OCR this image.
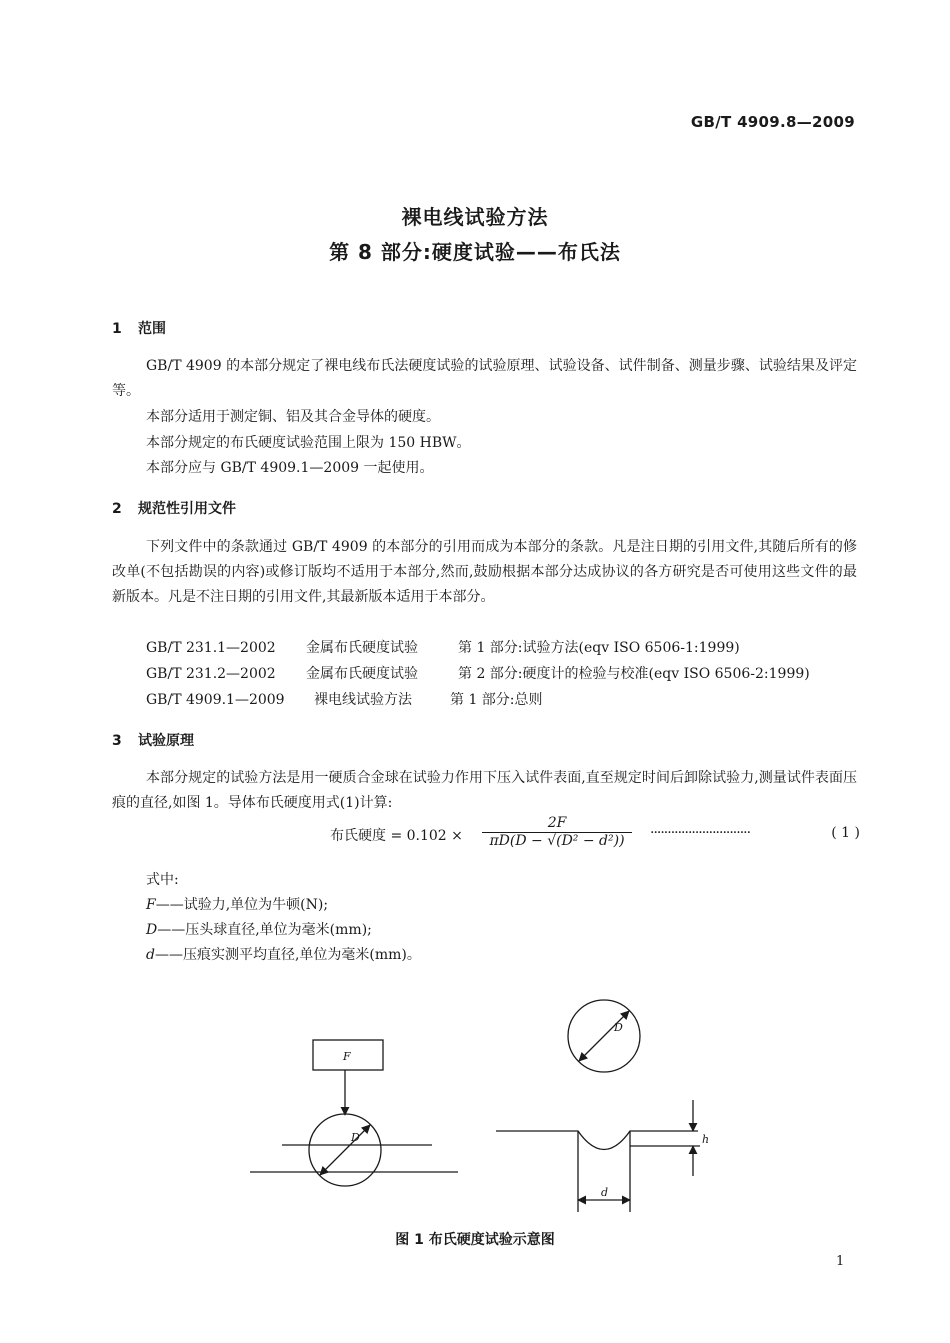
GB/T 4909.8—2009
裸电线试验方法
第 8 部分:硬度试验——布氏法
1 范围
GB/T 4909 的本部分规定了裸电线布氏法硬度试验的试验原理、试验设备、试件制备、测量步骤、试验结果及评定等。
本部分适用于测定铜、铝及其合金导体的硬度。
本部分规定的布氏硬度试验范围上限为 150 HBW。
本部分应与 GB/T 4909.1—2009 一起使用。
2 规范性引用文件
下列文件中的条款通过 GB/T 4909 的本部分的引用而成为本部分的条款。凡是注日期的引用文件,其随后所有的修改单(不包括勘误的内容)或修订版均不适用于本部分,然而,鼓励根据本部分达成协议的各方研究是否可使用这些文件的最新版本。凡是不注日期的引用文件,其最新版本适用于本部分。
GB/T 231.1—2002 金属布氏硬度试验	第 1 部分:试验方法(eqv ISO 6506-1:1999)
GB/T 231.2—2002 金属布氏硬度试验	第 2 部分:硬度计的检验与校准(eqv ISO 6506-2:1999)
GB/T 4909.1—2009 裸电线试验方法	第 1 部分:总则
3 试验原理
本部分规定的试验方法是用一硬质合金球在试验力作用下压入试件表面,直至规定时间后卸除试验力,测量试件表面压痕的直径,如图 1。导体布氏硬度用式(1)计算:
布氏硬度 = $0.102 \times \frac{2F}{\text{πD(D − √(D² − d²))}}$ ·····························	( 1 )
式中:
F——试验力,单位为牛顿(N);
D——压头球直径,单位为毫米(mm);
d——压痕实测平均直径,单位为毫米(mm)。
F
D
D
h
d
图 1 布氏硬度试验示意图
1
